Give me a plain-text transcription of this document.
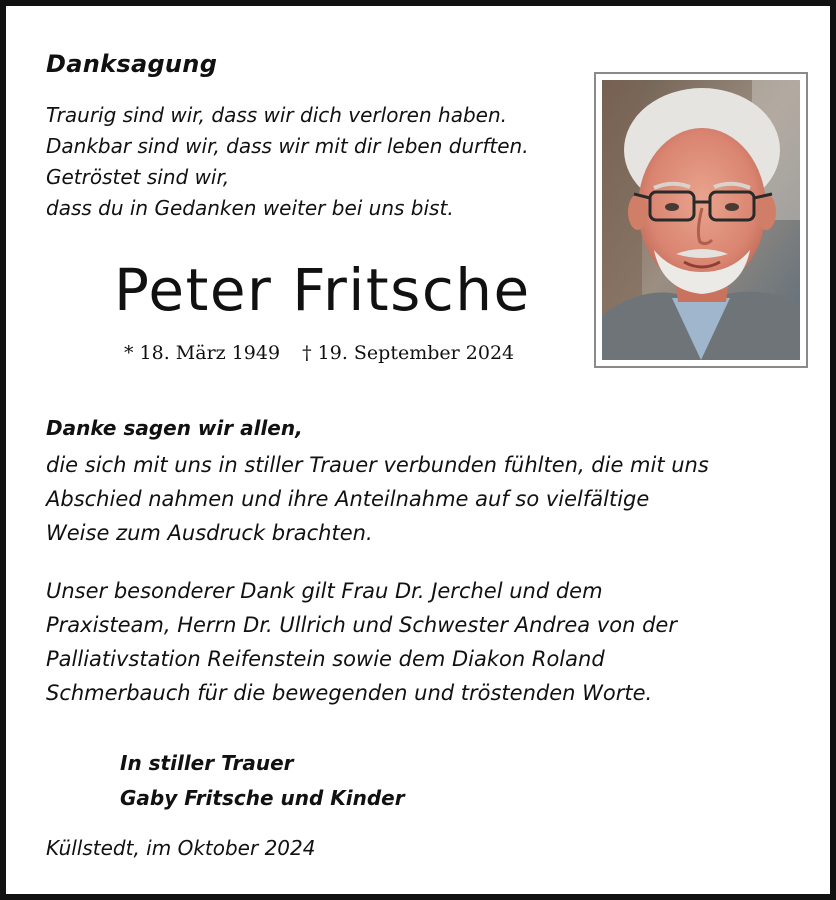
Danksagung
Traurig sind wir, dass wir dich verloren haben.
Dankbar sind wir, dass wir mit dir leben durften.
Getröstet sind wir,
dass du in Gedanken weiter bei uns bist.
Peter Fritsche
* 18. März 1949 † 19. September 2024
Danke sagen wir allen,
die sich mit uns in stiller Trauer verbunden fühlten, die mit uns
Abschied nahmen und ihre Anteilnahme auf so vielfältige
Weise zum Ausdruck brachten.
Unser besonderer Dank gilt Frau Dr. Jerchel und dem
Praxisteam, Herrn Dr. Ullrich und Schwester Andrea von der
Palliativstation Reifenstein sowie dem Diakon Roland
Schmerbauch für die bewegenden und tröstenden Worte.
In stiller Trauer
Gaby Fritsche und Kinder
Küllstedt, im Oktober 2024
